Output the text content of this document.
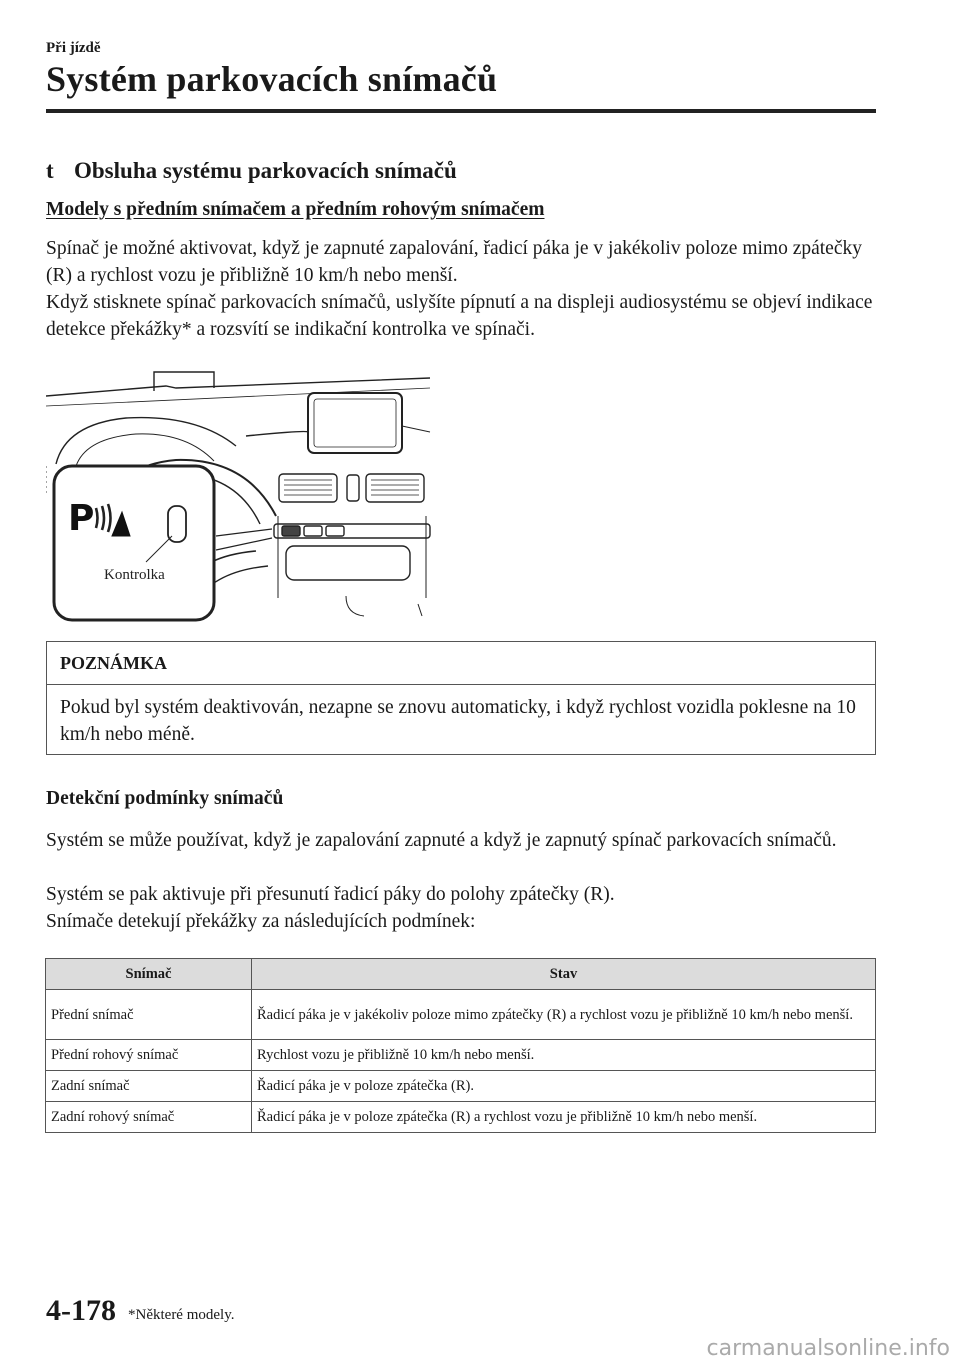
Při jízdě
Systém parkovacích snímačů
t Obsluha systému parkovacích snímačů
Modely s předním snímačem a předním rohovým snímačem
Spínač je možné aktivovat, když je zapnuté zapalování, řadicí páka je v jakékoliv poloze mimo zpátečky (R) a rychlost vozu je přibližně 10 km/h nebo menší.
Když stisknete spínač parkovacích snímačů, uslyšíte pípnutí a na displeji audiosystému se objeví indikace detekce překážky* a rozsvítí se indikační kontrolka ve spínači.
P
Kontrolka
POZNÁMKA
Pokud byl systém deaktivován, nezapne se znovu automaticky, i když rychlost vozidla poklesne na 10 km/h nebo méně.
Detekční podmínky snímačů
Systém se může používat, když je zapalování zapnuté a když je zapnutý spínač parkovacích snímačů.
Systém se pak aktivuje při přesunutí řadicí páky do polohy zpátečky (R).
Snímače detekují překážky za následujících podmínek:
Snímač	Stav
Přední snímač	Řadicí páka je v jakékoliv poloze mimo zpátečky (R) a rychlost vozu je přibližně 10 km/h nebo menší.
Přední rohový snímač	Rychlost vozu je přibližně 10 km/h nebo menší.
Zadní snímač	Řadicí páka je v poloze zpátečka (R).
Zadní rohový snímač	Řadicí páka je v poloze zpátečka (R) a rychlost vozu je přibližně 10 km/h nebo menší.
4-178 *Některé modely.
carmanualsonline.info
